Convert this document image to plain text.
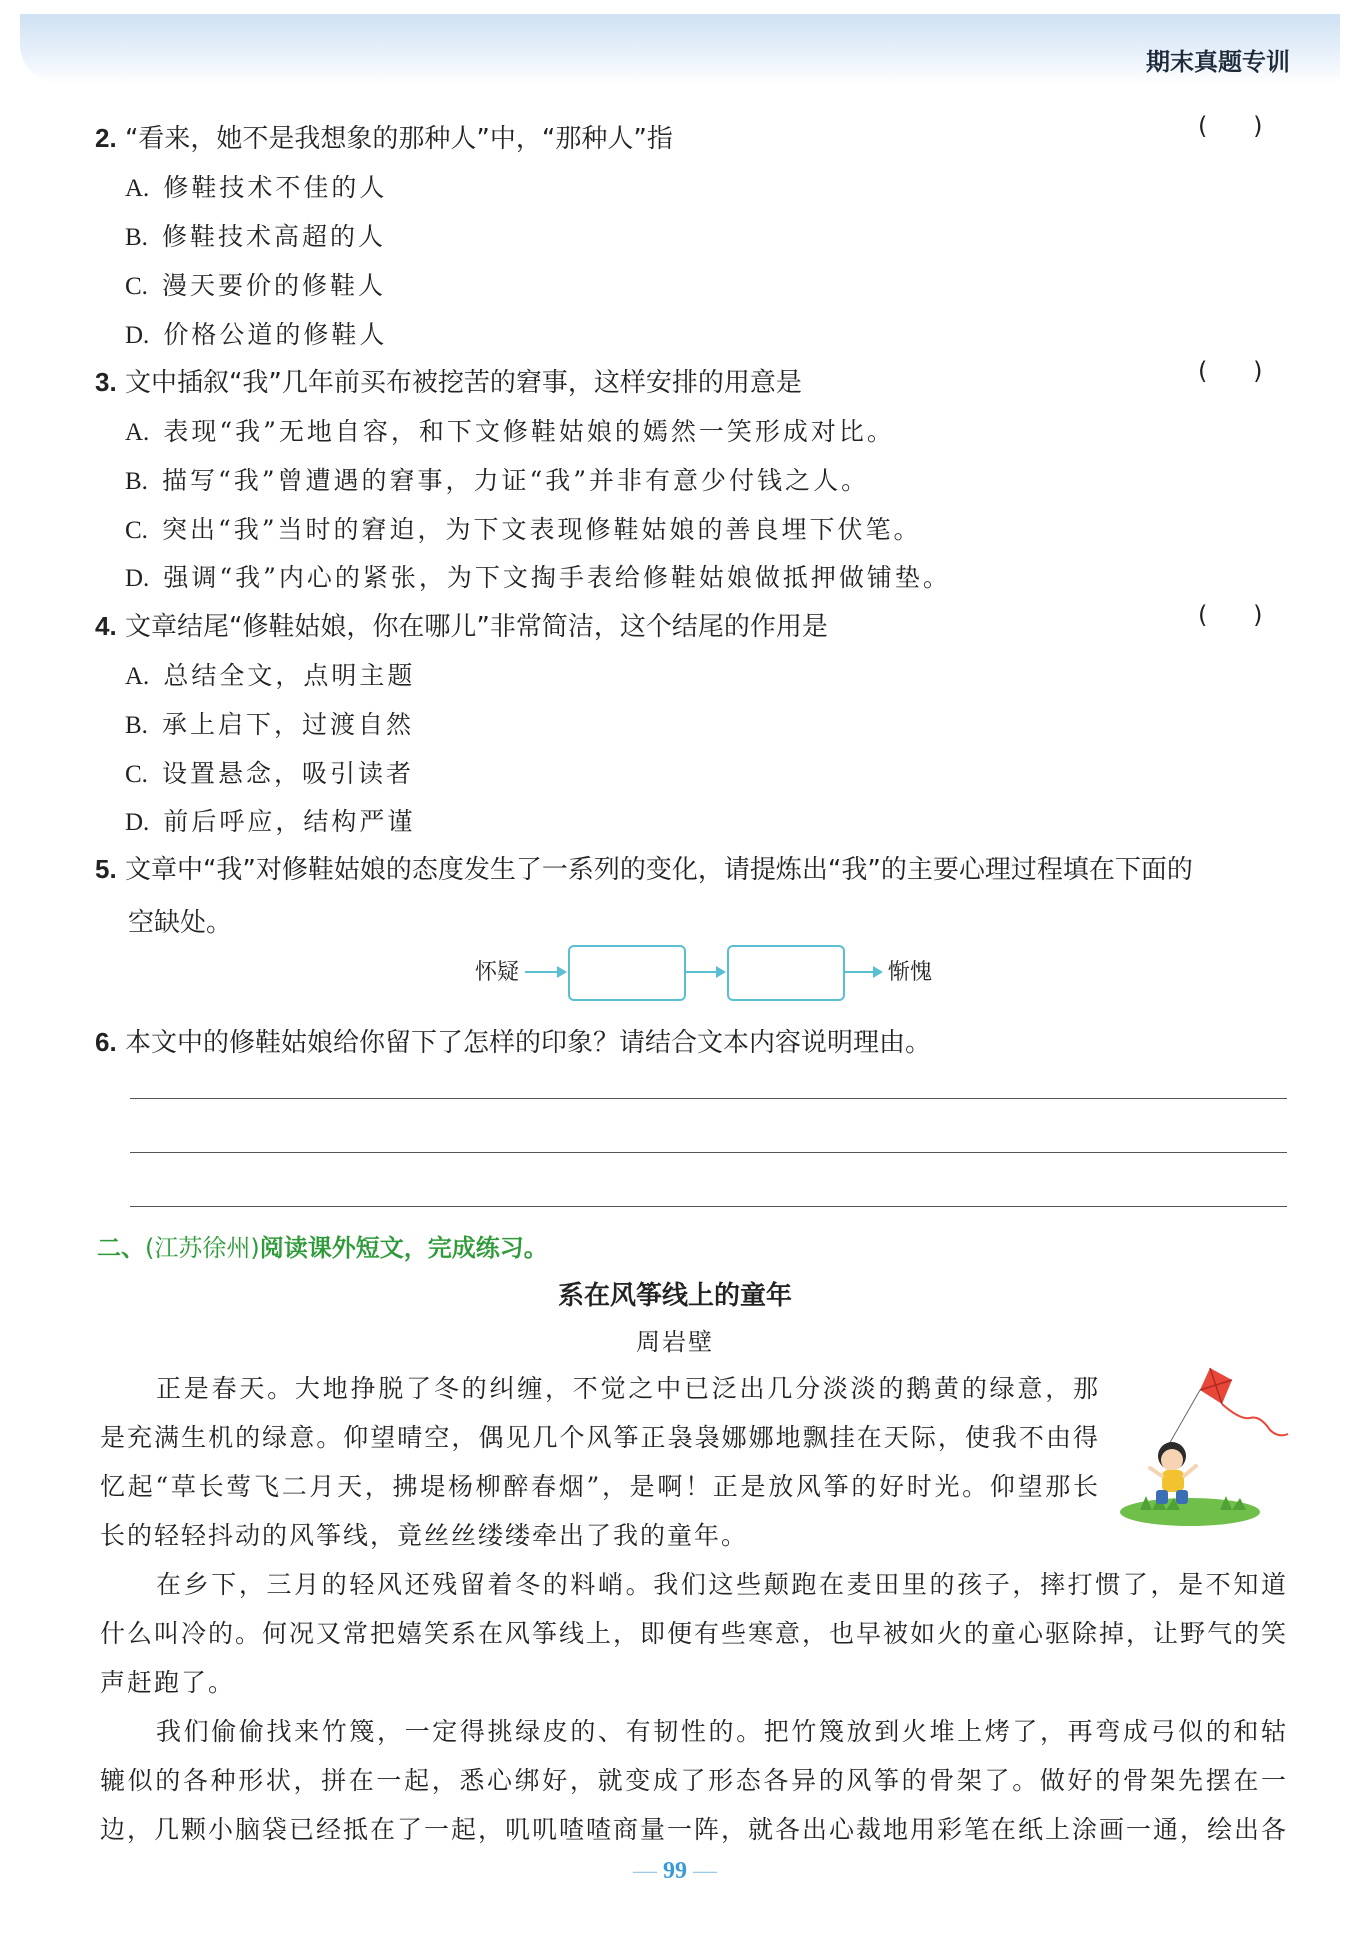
期末真题专训
2. “看来，她不是我想象的那种人”中，“那种人”指	(      )
A. 修鞋技术不佳的人
B. 修鞋技术高超的人
C. 漫天要价的修鞋人
D. 价格公道的修鞋人
3. 文中插叙“我”几年前买布被挖苦的窘事，这样安排的用意是	(      )
A. 表现“我”无地自容，和下文修鞋姑娘的嫣然一笑形成对比。
B. 描写“我”曾遭遇的窘事，力证“我”并非有意少付钱之人。
C. 突出“我”当时的窘迫，为下文表现修鞋姑娘的善良埋下伏笔。
D. 强调“我”内心的紧张，为下文掏手表给修鞋姑娘做抵押做铺垫。
4. 文章结尾“修鞋姑娘，你在哪儿”非常简洁，这个结尾的作用是	(      )
A. 总结全文，点明主题
B. 承上启下，过渡自然
C. 设置悬念，吸引读者
D. 前后呼应，结构严谨
5. 文章中“我”对修鞋姑娘的态度发生了一系列的变化，请提炼出“我”的主要心理过程填在下面的
空缺处。
怀疑	惭愧
6. 本文中的修鞋姑娘给你留下了怎样的印象？请结合文本内容说明理由。
二、(江苏徐州)阅读课外短文，完成练习。
系在风筝线上的童年
周岩壁
正是春天。大地挣脱了冬的纠缠，不觉之中已泛出几分淡淡的鹅黄的绿意，那是充满生机的绿意。仰望晴空，偶见几个风筝正袅袅娜娜地飘挂在天际，使我不由得忆起“草长莺飞二月天，拂堤杨柳醉春烟”，是啊！正是放风筝的好时光。仰望那长长的轻轻抖动的风筝线，竟丝丝缕缕牵出了我的童年。
在乡下，三月的轻风还残留着冬的料峭。我们这些颠跑在麦田里的孩子，摔打惯了，是不知道什么叫冷的。何况又常把嬉笑系在风筝线上，即便有些寒意，也早被如火的童心驱除掉，让野气的笑声赶跑了。
我们偷偷找来竹篾，一定得挑绿皮的、有韧性的。把竹篾放到火堆上烤了，再弯成弓似的和轱辘似的各种形状，拼在一起，悉心绑好，就变成了形态各异的风筝的骨架了。做好的骨架先摆在一边，几颗小脑袋已经抵在了一起，叽叽喳喳商量一阵，就各出心裁地用彩笔在纸上涂画一通，绘出各
— 99 —
